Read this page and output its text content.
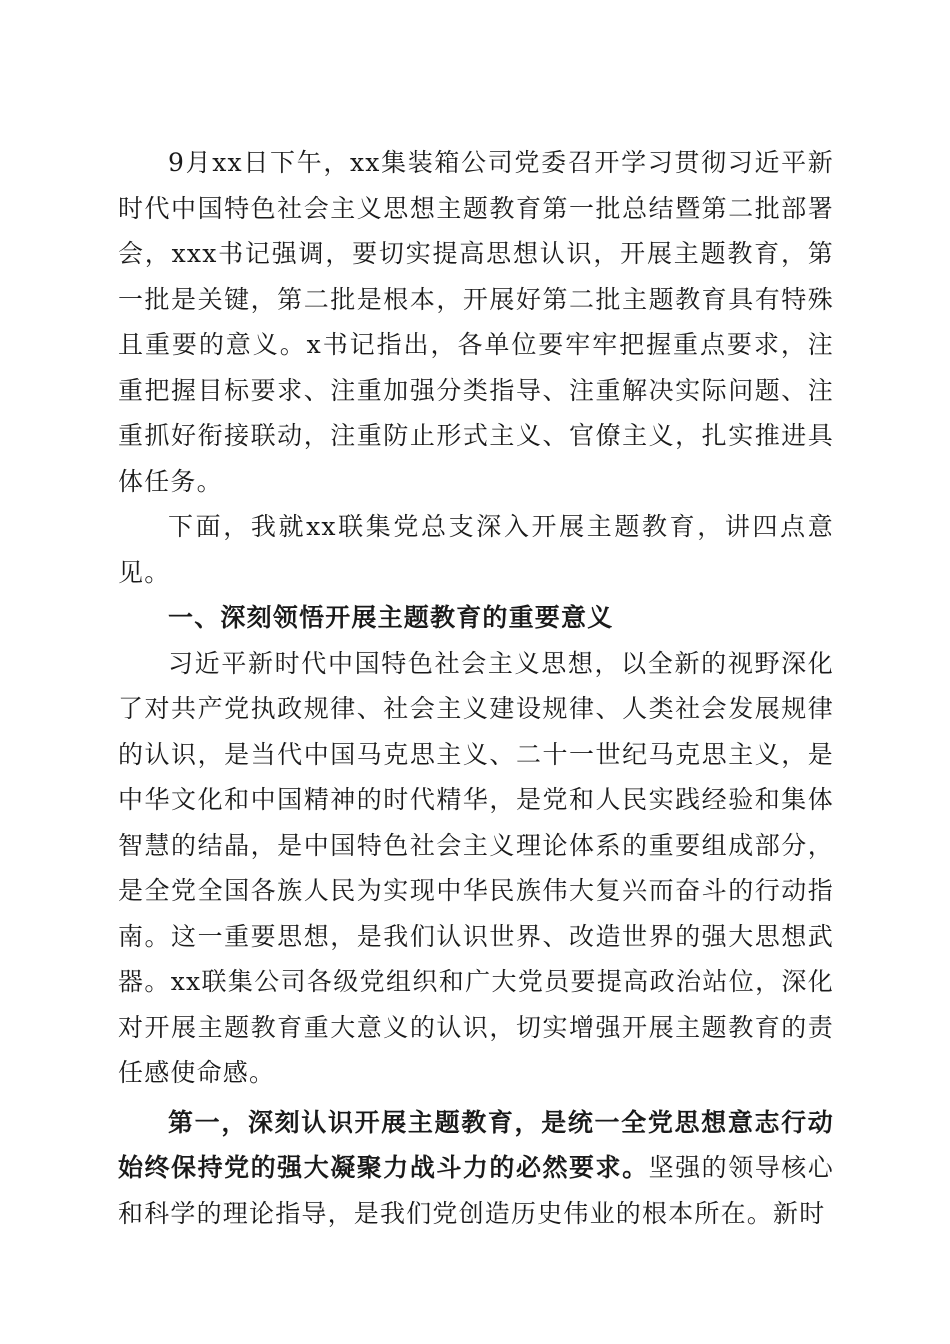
9月xx日下午，xx集装箱公司党委召开学习贯彻习近平新时代中国特色社会主义思想主题教育第一批总结暨第二批部署会，xxx书记强调，要切实提高思想认识，开展主题教育，第一批是关键，第二批是根本，开展好第二批主题教育具有特殊且重要的意义。x书记指出，各单位要牢牢把握重点要求，注重把握目标要求、注重加强分类指导、注重解决实际问题、注重抓好衔接联动，注重防止形式主义、官僚主义，扎实推进具体任务。

下面，我就xx联集党总支深入开展主题教育，讲四点意见。

一、深刻领悟开展主题教育的重要意义

习近平新时代中国特色社会主义思想，以全新的视野深化了对共产党执政规律、社会主义建设规律、人类社会发展规律的认识，是当代中国马克思主义、二十一世纪马克思主义，是中华文化和中国精神的时代精华，是党和人民实践经验和集体智慧的结晶，是中国特色社会主义理论体系的重要组成部分，是全党全国各族人民为实现中华民族伟大复兴而奋斗的行动指南。这一重要思想，是我们认识世界、改造世界的强大思想武器。xx联集公司各级党组织和广大党员要提高政治站位，深化对开展主题教育重大意义的认识，切实增强开展主题教育的责任感使命感。

第一，深刻认识开展主题教育，是统一全党思想意志行动始终保持党的强大凝聚力战斗力的必然要求。坚强的领导核心和科学的理论指导，是我们党创造历史伟业的根本所在。新时
